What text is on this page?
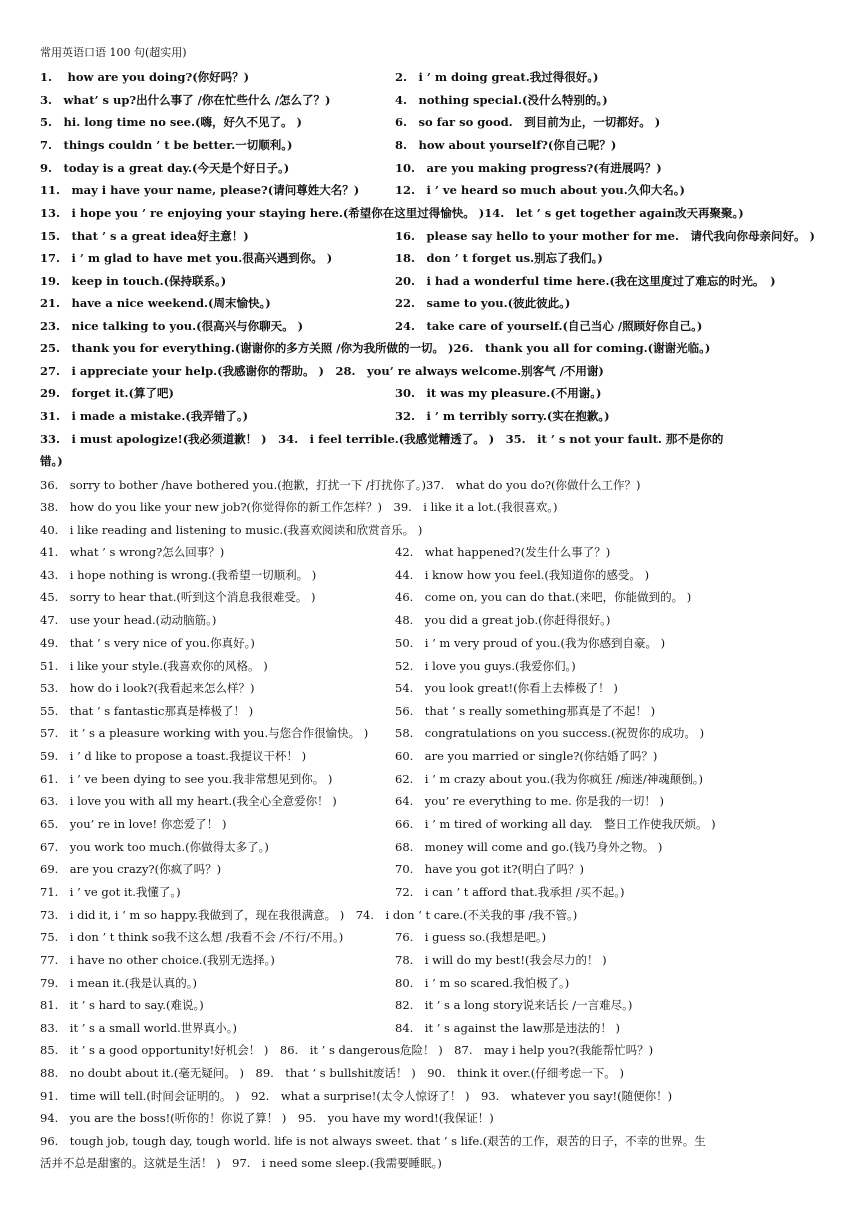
常用英语口语 100 句(超实用)
1.　 how are you doing?(你好吗？)	2.　i ’ m doing great.我过得很好。)
3.　what’ s up?出什么事了 /你在忙些什么 /怎么了？)	4.　nothing special.(没什么特别的。)
5.　hi. long time no see.(嗨，好久不见了。 )	6.　so far so good.　到目前为止，一切都好。 )
7.　things couldn ’ t be better.一切顺利。)	8.　how about yourself?(你自己呢？)
9.　today is a great day.(今天是个好日子。)	10.　are you making progress?(有进展吗？)
11.　may i have your name, please?(请问尊姓大名？)	12.　i ’ ve heard so much about you.久仰大名。)
13.　i hope you ’ re enjoying your staying here.(希望你在这里过得愉快。 )14.　let ’ s get together again改天再聚聚。)
15.　that ’ s a great idea好主意！)	16.　please say hello to your mother for me.　请代我向你母亲问好。 )
17.　i ’ m glad to have met you.很高兴遇到你。 )	18.　don ’ t forget us.别忘了我们。)
19.　keep in touch.(保持联系。)	20.　i had a wonderful time here.(我在这里度过了难忘的时光。　)
21.　have a nice weekend.(周末愉快。)	22.　same to you.(彼此彼此。)
23.　nice talking to you.(很高兴与你聊天。 )	24.　take care of yourself.(自己当心 /照顾好你自己。)
25.　thank you for everything.(谢谢你的多方关照 /你为我所做的一切。 )26.　thank you all for coming.(谢谢光临。)
27.　i appreciate your help.(我感谢你的帮助。 )　28.　you’ re always welcome.别客气 /不用谢)
29.　forget it.(算了吧)	30.　it was my pleasure.(不用谢。)
31.　i made a mistake.(我弄错了。)	32.　i ’ m terribly sorry.(实在抱歉。)
33.　i must apologize!(我必须道歉！ )　34.　i feel terrible.(我感觉糟透了。 )　35.　it ’ s not your fault. 那不是你的
错。)
36.　sorry to bother /have bothered you.(抱歉，打扰一下 /打扰你了。)37.　what do you do?(你做什么工作？)
38.　how do you like your new job?(你觉得你的新工作怎样？)　39.　i like it a lot.(我很喜欢。)
40.　i like reading and listening to music.(我喜欢阅读和欣赏音乐。 )
41.　what ’ s wrong?怎么回事？)	42.　what happened?(发生什么事了？)
43.　i hope nothing is wrong.(我希望一切顺利。 )	44.　i know how you feel.(我知道你的感受。 )
45.　sorry to hear that.(听到这个消息我很难受。 )	46.　come on, you can do that.(来吧，你能做到的。 )
47.　use your head.(动动脑筋。)	48.　you did a great job.(你赶得很好。)
49.　that ’ s very nice of you.你真好。)	50.　i ’ m very proud of you.(我为你感到自豪。 )
51.　i like your style.(我喜欢你的风格。 )	52.　i love you guys.(我爱你们。)
53.　how do i look?(我看起来怎么样？)	54.　you look great!(你看上去棒极了！ )
55.　that ’ s fantastic那真是棒极了！ )	56.　that ’ s really something那真是了不起！ )
57.　it ’ s a pleasure working with you.与您合作很愉快。 ) 58.　congratulations on you success.(祝贺你的成功。 )
59.　i ’ d like to propose a toast.我提议干杯！ )	60.　are you married or single?(你结婚了吗？)
61.　i ’ ve been dying to see you.我非常想见到你。 )	62.　i ’ m crazy about you.(我为你疯狂 /痴迷/神魂颠倒。)
63.　i love you with all my heart.(我全心全意爱你！ )	64.　you’ re everything to me. 你是我的一切！ )
65.　you’ re in love! 你恋爱了！ )	66.　i ’ m tired of working all day.　整日工作使我厌烦。 )
67.　you work too much.(你做得太多了。)	68.　money will come and go.(钱乃身外之物。 )
69.　are you crazy?(你疯了吗？)	70.　have you got it?(明白了吗？)
71.　i ’ ve got it.我懂了。)	72.　i can ’ t afford that.我承担 /买不起。)
73.　i did it, i ’ m so happy.我做到了，现在我很满意。 )　74.　i don ’ t care.(不关我的事 /我不管。)
75.　i don ’ t think so我不这么想 /我看不会 /不行/不用。)	76.　i guess so.(我想是吧。)
77.　i have no other choice.(我别无选择。)	78.　i will do my best!(我会尽力的！ )
79.　i mean it.(我是认真的。)	80.　i ’ m so scared.我怕极了。)
81.　it ’ s hard to say.(难说。)	82.　it ’ s a long story说来话长 /一言难尽。)
83.　it ’ s a small world.世界真小。)	84.　it ’ s against the law那是违法的！ )
85.　it ’ s a good opportunity!好机会！ )　86.　it ’ s dangerous危险！ )　87.　may i help you?(我能帮忙吗？)
88.　no doubt about it.(毫无疑问。 )　89.　that ’ s bullshit废话！ )　90.　think it over.(仔细考虑一下。 )
91.　time will tell.(时间会证明的。 )　92.　what a surprise!(太令人惊讶了！ )　93.　whatever you say!(随便你！)
94.　you are the boss!(听你的！你说了算！ )　95.　you have my word!(我保证！)
96.　tough job, tough day, tough world. life is not always sweet. that ’ s life.(艰苦的工作，艰苦的日子，不幸的世界。生
活并不总是甜蜜的。这就是生活！ )　97.　i need some sleep.(我需要睡眠。)
